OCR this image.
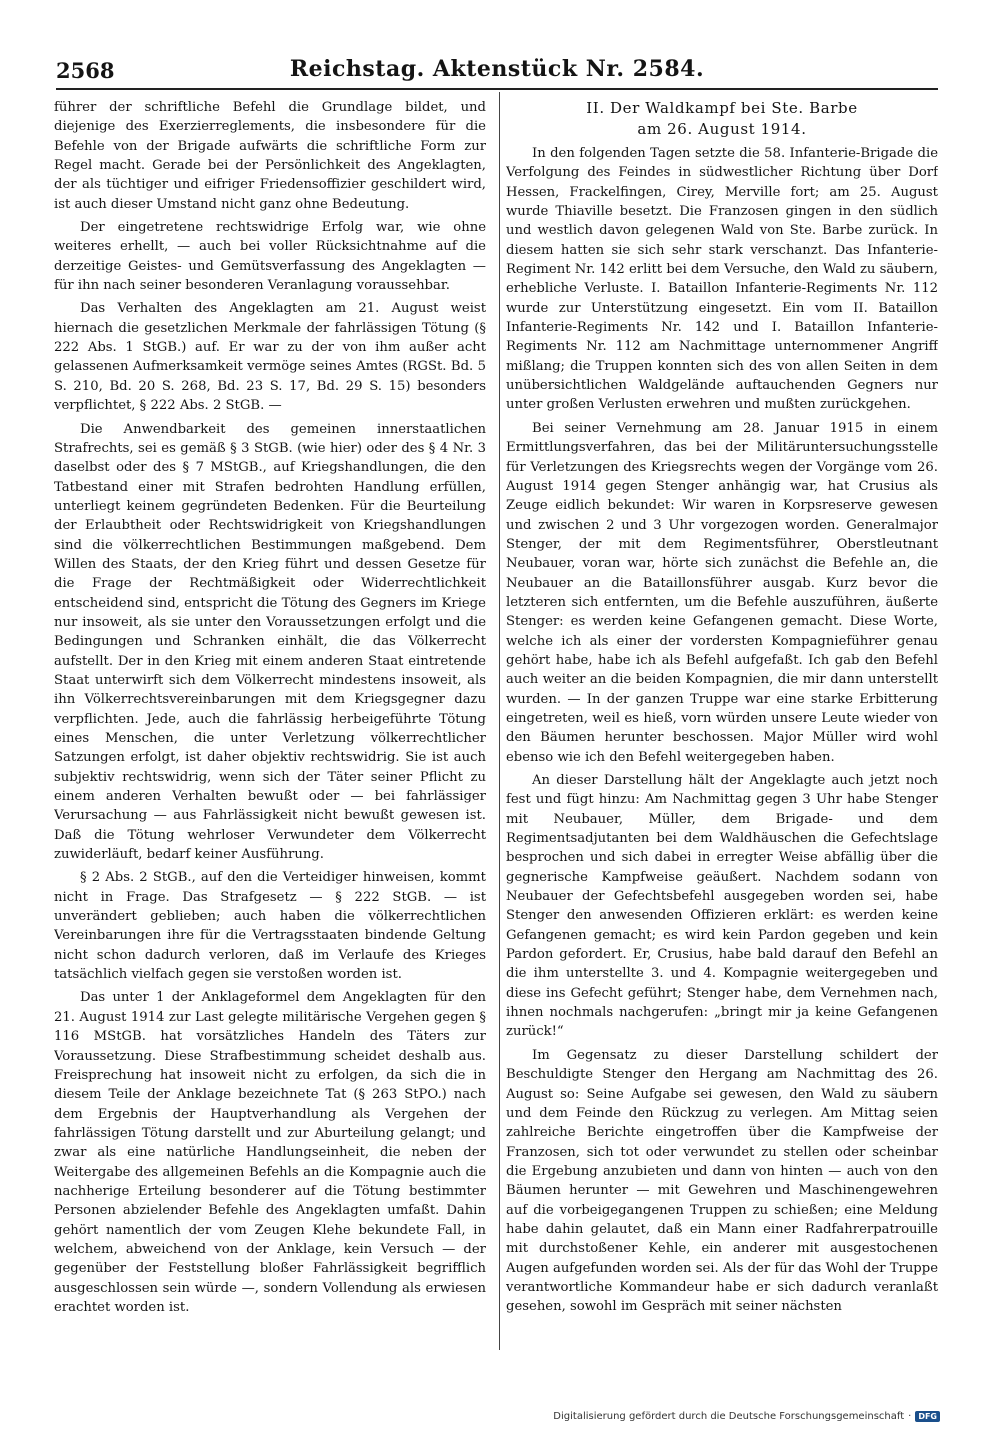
2568	Reichstag. Aktenstück Nr. 2584.

führer der schriftliche Befehl die Grundlage bildet, und diejenige des Exerzierreglements, die insbesondere für die Befehle von der Brigade aufwärts die schriftliche Form zur Regel macht. Gerade bei der Persönlichkeit des Angeklagten, der als tüchtiger und eifriger Friedensoffizier geschildert wird, ist auch dieser Umstand nicht ganz ohne Bedeutung.

Der eingetretene rechtswidrige Erfolg war, wie ohne weiteres erhellt, — auch bei voller Rücksichtnahme auf die derzeitige Geistes- und Gemütsverfassung des Angeklagten — für ihn nach seiner besonderen Veranlagung voraussehbar.

Das Verhalten des Angeklagten am 21. August weist hiernach die gesetzlichen Merkmale der fahrlässigen Tötung (§ 222 Abs. 1 StGB.) auf. Er war zu der von ihm außer acht gelassenen Aufmerksamkeit vermöge seines Amtes (RGSt. Bd. 5 S. 210, Bd. 20 S. 268, Bd. 23 S. 17, Bd. 29 S. 15) besonders verpflichtet, § 222 Abs. 2 StGB. —

Die Anwendbarkeit des gemeinen innerstaatlichen Strafrechts, sei es gemäß § 3 StGB. (wie hier) oder des § 4 Nr. 3 daselbst oder des § 7 MStGB., auf Kriegshandlungen, die den Tatbestand einer mit Strafen bedrohten Handlung erfüllen, unterliegt keinem gegründeten Bedenken. Für die Beurteilung der Erlaubtheit oder Rechtswidrigkeit von Kriegshandlungen sind die völkerrechtlichen Bestimmungen maßgebend. Dem Willen des Staats, der den Krieg führt und dessen Gesetze für die Frage der Rechtmäßigkeit oder Widerrechtlichkeit entscheidend sind, entspricht die Tötung des Gegners im Kriege nur insoweit, als sie unter den Voraussetzungen erfolgt und die Bedingungen und Schranken einhält, die das Völkerrecht aufstellt. Der in den Krieg mit einem anderen Staat eintretende Staat unterwirft sich dem Völkerrecht mindestens insoweit, als ihn Völkerrechtsvereinbarungen mit dem Kriegsgegner dazu verpflichten. Jede, auch die fahrlässig herbeigeführte Tötung eines Menschen, die unter Verletzung völkerrechtlicher Satzungen erfolgt, ist daher objektiv rechtswidrig. Sie ist auch subjektiv rechtswidrig, wenn sich der Täter seiner Pflicht zu einem anderen Verhalten bewußt oder — bei fahrlässiger Verursachung — aus Fahrlässigkeit nicht bewußt gewesen ist. Daß die Tötung wehrloser Verwundeter dem Völkerrecht zuwiderläuft, bedarf keiner Ausführung.

§ 2 Abs. 2 StGB., auf den die Verteidiger hinweisen, kommt nicht in Frage. Das Strafgesetz — § 222 StGB. — ist unverändert geblieben; auch haben die völkerrechtlichen Vereinbarungen ihre für die Vertragsstaaten bindende Geltung nicht schon dadurch verloren, daß im Verlaufe des Krieges tatsächlich vielfach gegen sie verstoßen worden ist.

Das unter 1 der Anklageformel dem Angeklagten für den 21. August 1914 zur Last gelegte militärische Vergehen gegen § 116 MStGB. hat vorsätzliches Handeln des Täters zur Voraussetzung. Diese Strafbestimmung scheidet deshalb aus. Freisprechung hat insoweit nicht zu erfolgen, da sich die in diesem Teile der Anklage bezeichnete Tat (§ 263 StPO.) nach dem Ergebnis der Hauptverhandlung als Vergehen der fahrlässigen Tötung darstellt und zur Aburteilung gelangt; und zwar als eine natürliche Handlungseinheit, die neben der Weitergabe des allgemeinen Befehls an die Kompagnie auch die nachherige Erteilung besonderer auf die Tötung bestimmter Personen abzielender Befehle des Angeklagten umfaßt. Dahin gehört namentlich der vom Zeugen Klehe bekundete Fall, in welchem, abweichend von der Anklage, kein Versuch — der gegenüber der Feststellung bloßer Fahrlässigkeit begrifflich ausgeschlossen sein würde —, sondern Vollendung als erwiesen erachtet worden ist.

II. Der Waldkampf bei Ste. Barbe
am 26. August 1914.

In den folgenden Tagen setzte die 58. Infanterie-Brigade die Verfolgung des Feindes in südwestlicher Richtung über Dorf Hessen, Frackelfingen, Cirey, Merville fort; am 25. August wurde Thiaville besetzt. Die Franzosen gingen in den südlich und westlich davon gelegenen Wald von Ste. Barbe zurück. In diesem hatten sie sich sehr stark verschanzt. Das Infanterie-Regiment Nr. 142 erlitt bei dem Versuche, den Wald zu säubern, erhebliche Verluste. I. Bataillon Infanterie-Regiments Nr. 112 wurde zur Unterstützung eingesetzt. Ein vom II. Bataillon Infanterie-Regiments Nr. 142 und I. Bataillon Infanterie-Regiments Nr. 112 am Nachmittage unternommener Angriff mißlang; die Truppen konnten sich des von allen Seiten in dem unübersichtlichen Waldgelände auftauchenden Gegners nur unter großen Verlusten erwehren und mußten zurückgehen.

Bei seiner Vernehmung am 28. Januar 1915 in einem Ermittlungsverfahren, das bei der Militäruntersuchungsstelle für Verletzungen des Kriegsrechts wegen der Vorgänge vom 26. August 1914 gegen Stenger anhängig war, hat Crusius als Zeuge eidlich bekundet: Wir waren in Korpsreserve gewesen und zwischen 2 und 3 Uhr vorgezogen worden. Generalmajor Stenger, der mit dem Regimentsführer, Oberstleutnant Neubauer, voran war, hörte sich zunächst die Befehle an, die Neubauer an die Bataillonsführer ausgab. Kurz bevor die letzteren sich entfernten, um die Befehle auszuführen, äußerte Stenger: es werden keine Gefangenen gemacht. Diese Worte, welche ich als einer der vordersten Kompagnieführer genau gehört habe, habe ich als Befehl aufgefaßt. Ich gab den Befehl auch weiter an die beiden Kompagnien, die mir dann unterstellt wurden. — In der ganzen Truppe war eine starke Erbitterung eingetreten, weil es hieß, vorn würden unsere Leute wieder von den Bäumen herunter beschossen. Major Müller wird wohl ebenso wie ich den Befehl weitergegeben haben.

An dieser Darstellung hält der Angeklagte auch jetzt noch fest und fügt hinzu: Am Nachmittag gegen 3 Uhr habe Stenger mit Neubauer, Müller, dem Brigade- und dem Regimentsadjutanten bei dem Waldhäuschen die Gefechtslage besprochen und sich dabei in erregter Weise abfällig über die gegnerische Kampfweise geäußert. Nachdem sodann von Neubauer der Gefechtsbefehl ausgegeben worden sei, habe Stenger den anwesenden Offizieren erklärt: es werden keine Gefangenen gemacht; es wird kein Pardon gegeben und kein Pardon gefordert. Er, Crusius, habe bald darauf den Befehl an die ihm unterstellte 3. und 4. Kompagnie weitergegeben und diese ins Gefecht geführt; Stenger habe, dem Vernehmen nach, ihnen nochmals nachgerufen: „bringt mir ja keine Gefangenen zurück!“

Im Gegensatz zu dieser Darstellung schildert der Beschuldigte Stenger den Hergang am Nachmittag des 26. August so: Seine Aufgabe sei gewesen, den Wald zu säubern und dem Feinde den Rückzug zu verlegen. Am Mittag seien zahlreiche Berichte eingetroffen über die Kampfweise der Franzosen, sich tot oder verwundet zu stellen oder scheinbar die Ergebung anzubieten und dann von hinten — auch von den Bäumen herunter — mit Gewehren und Maschinengewehren auf die vorbeigegangenen Truppen zu schießen; eine Meldung habe dahin gelautet, daß ein Mann einer Radfahrerpatrouille mit durchstoßener Kehle, ein anderer mit ausgestochenen Augen aufgefunden worden sei. Als der für das Wohl der Truppe verantwortliche Kommandeur habe er sich dadurch veranlaßt gesehen, sowohl im Gespräch mit seiner nächsten

Digitalisierung gefördert durch die Deutsche Forschungsgemeinschaft · DFG
